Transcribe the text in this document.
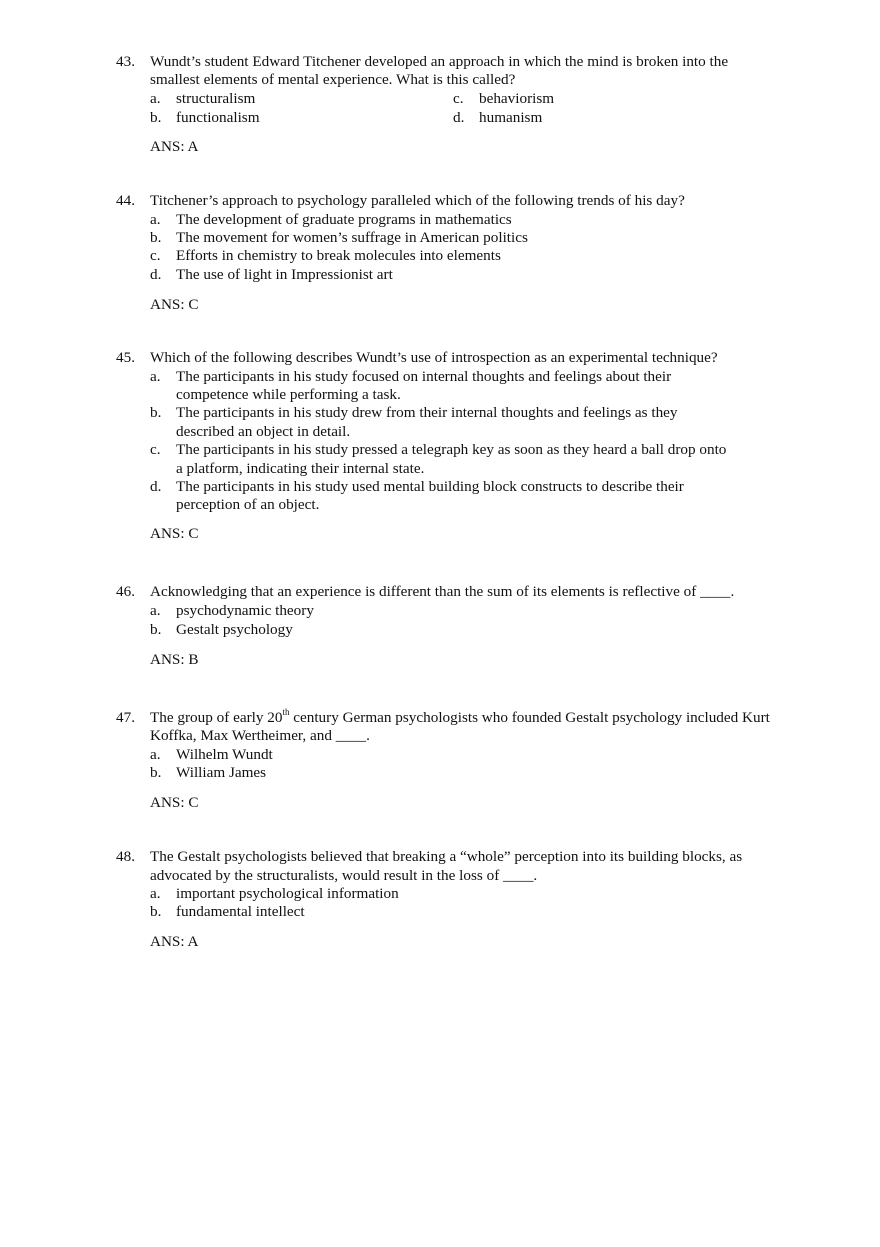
43. Wundt’s student Edward Titchener developed an approach in which the mind is broken into the
smallest elements of mental experience. What is this called?
a. structuralism
b. functionalism
c. behaviorism
d. humanism
ANS: A
44. Titchener’s approach to psychology paralleled which of the following trends of his day?
a. The development of graduate programs in mathematics
b. The movement for women’s suffrage in American politics
c. Efforts in chemistry to break molecules into elements
d. The use of light in Impressionist art
ANS: C
45. Which of the following describes Wundt’s use of introspection as an experimental technique?
a. The participants in his study focused on internal thoughts and feelings about their
competence while performing a task.
b. The participants in his study drew from their internal thoughts and feelings as they
described an object in detail.
c. The participants in his study pressed a telegraph key as soon as they heard a ball drop onto
a platform, indicating their internal state.
d. The participants in his study used mental building block constructs to describe their
perception of an object.
ANS: C
46. Acknowledging that an experience is different than the sum of its elements is reflective of ____.
a. psychodynamic theory
b. Gestalt psychology
ANS: B
47. The group of early 20th century German psychologists who founded Gestalt psychology included Kurt
Koffka, Max Wertheimer, and ____.
a. Wilhelm Wundt
b. William James
ANS: C
48. The Gestalt psychologists believed that breaking a “whole” perception into its building blocks, as
advocated by the structuralists, would result in the loss of ____.
a. important psychological information
b. fundamental intellect
ANS: A
